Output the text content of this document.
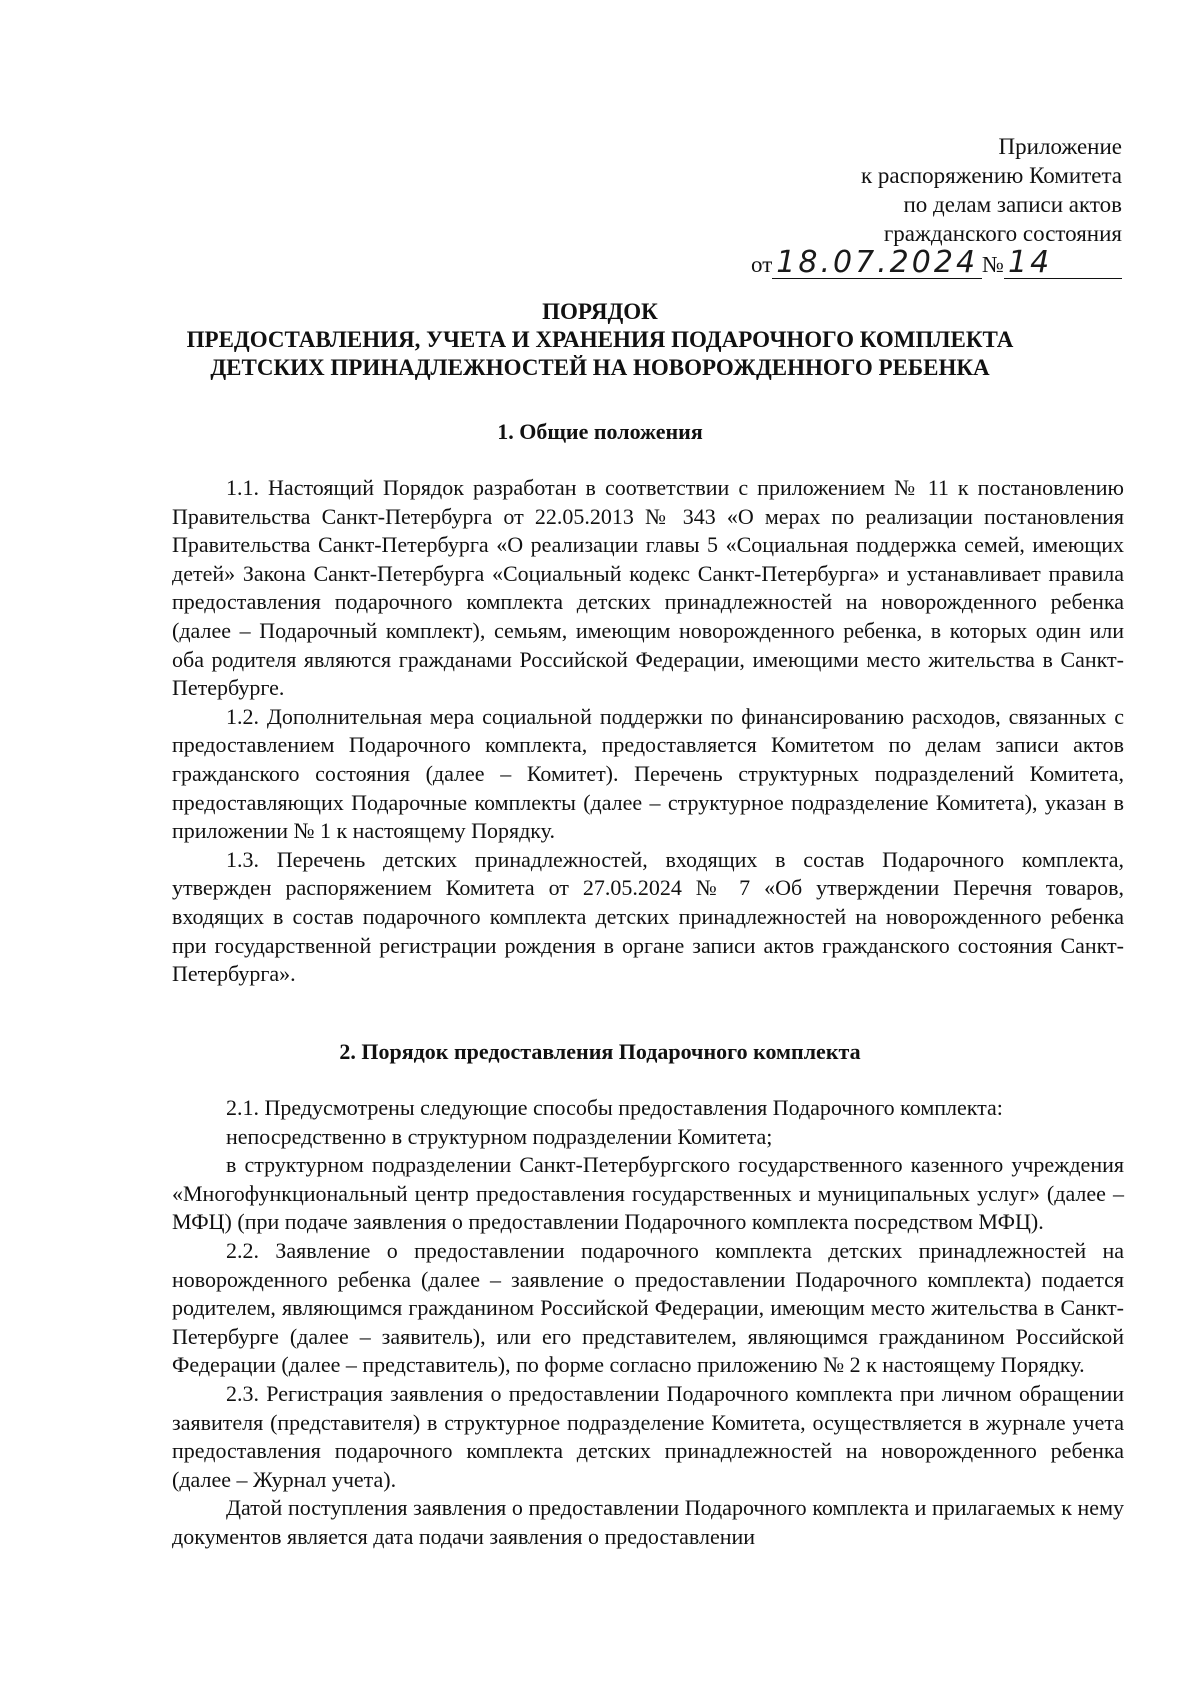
Приложение
к распоряжению Комитета
по делам записи актов
гражданского состояния
от 18.07.2024 № 14
ПОРЯДОК
ПРЕДОСТАВЛЕНИЯ, УЧЕТА И ХРАНЕНИЯ ПОДАРОЧНОГО КОМПЛЕКТА
ДЕТСКИХ ПРИНАДЛЕЖНОСТЕЙ НА НОВОРОЖДЕННОГО РЕБЕНКА
1. Общие положения

1.1. Настоящий Порядок разработан в соответствии с приложением № 11 к постановлению Правительства Санкт-Петербурга от 22.05.2013 № 343 «О мерах по реализации постановления Правительства Санкт-Петербурга «О реализации главы 5 «Социальная поддержка семей, имеющих детей» Закона Санкт-Петербурга «Социальный кодекс Санкт-Петербурга» и устанавливает правила предоставления подарочного комплекта детских принадлежностей на новорожденного ребенка (далее – Подарочный комплект), семьям, имеющим новорожденного ребенка, в которых один или оба родителя являются гражданами Российской Федерации, имеющими место жительства в Санкт-Петербурге.

1.2. Дополнительная мера социальной поддержки по финансированию расходов, связанных с предоставлением Подарочного комплекта, предоставляется Комитетом по делам записи актов гражданского состояния (далее – Комитет). Перечень структурных подразделений Комитета, предоставляющих Подарочные комплекты (далее – структурное подразделение Комитета), указан в приложении № 1 к настоящему Порядку.

1.3. Перечень детских принадлежностей, входящих в состав Подарочного комплекта, утвержден распоряжением Комитета от 27.05.2024 № 7 «Об утверждении Перечня товаров, входящих в состав подарочного комплекта детских принадлежностей на новорожденного ребенка при государственной регистрации рождения в органе записи актов гражданского состояния Санкт-Петербурга».

2. Порядок предоставления Подарочного комплекта

2.1. Предусмотрены следующие способы предоставления Подарочного комплекта:

непосредственно в структурном подразделении Комитета;

в структурном подразделении Санкт-Петербургского государственного казенного учреждения «Многофункциональный центр предоставления государственных и муниципальных услуг» (далее – МФЦ) (при подаче заявления о предоставлении Подарочного комплекта посредством МФЦ).

2.2. Заявление о предоставлении подарочного комплекта детских принадлежностей на новорожденного ребенка (далее – заявление о предоставлении Подарочного комплекта) подается родителем, являющимся гражданином Российской Федерации, имеющим место жительства в Санкт-Петербурге (далее – заявитель), или его представителем, являющимся гражданином Российской Федерации (далее – представитель), по форме согласно приложению № 2 к настоящему Порядку.

2.3. Регистрация заявления о предоставлении Подарочного комплекта при личном обращении заявителя (представителя) в структурное подразделение Комитета, осуществляется в журнале учета предоставления подарочного комплекта детских принадлежностей на новорожденного ребенка (далее – Журнал учета).

Датой поступления заявления о предоставлении Подарочного комплекта и прилагаемых к нему документов является дата подачи заявления о предоставлении
